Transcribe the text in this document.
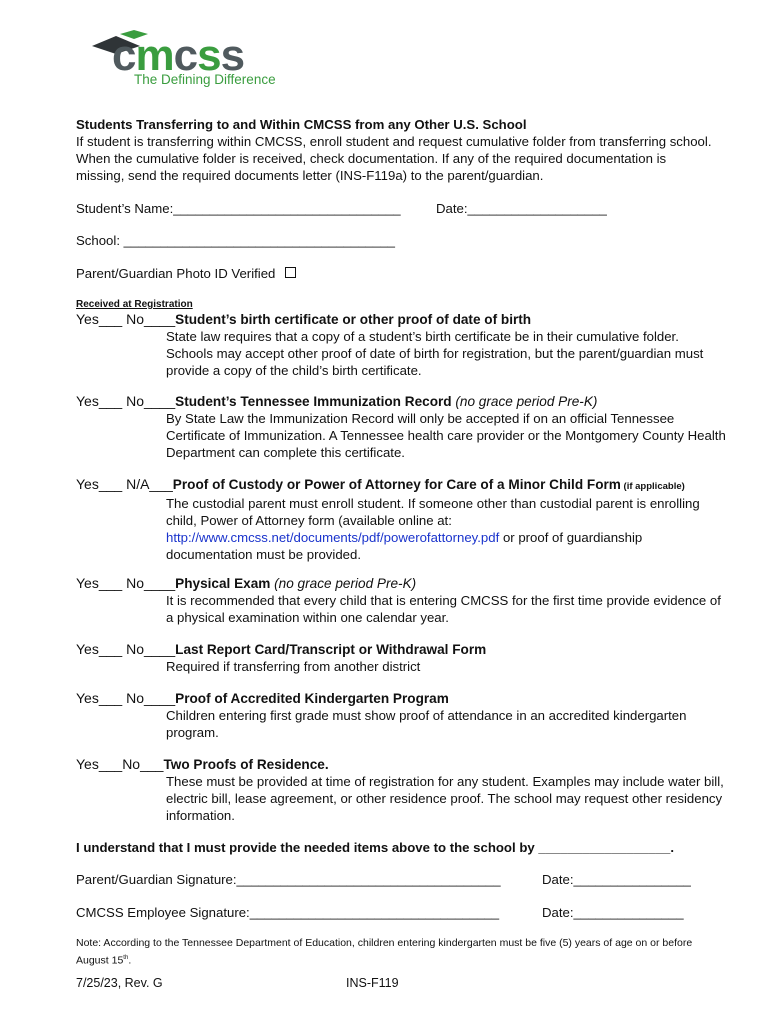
cmcss
The Defining Difference
Students Transferring to and Within CMCSS from any Other U.S. School
If student is transferring within CMCSS, enroll student and request cumulative folder from transferring school. When the cumulative folder is received, check documentation. If any of the required documentation is missing, send the required documents letter (INS-F119a) to the parent/guardian.
Student’s Name:_______________________________	Date:___________________
School: _____________________________________
Parent/Guardian Photo ID Verified
Received at Registration
Yes___ No____Student’s birth certificate or other proof of date of birth
State law requires that a copy of a student’s birth certificate be in their cumulative folder. Schools may accept other proof of date of birth for registration, but the parent/guardian must provide a copy of the child’s birth certificate.
Yes___ No____Student’s Tennessee Immunization Record (no grace period Pre-K)
By State Law the Immunization Record will only be accepted if on an official Tennessee Certificate of Immunization. A Tennessee health care provider or the Montgomery County Health Department can complete this certificate.
Yes___ N/A___Proof of Custody or Power of Attorney for Care of a Minor Child Form (if applicable)
The custodial parent must enroll student. If someone other than custodial parent is enrolling child, Power of Attorney form (available online at: http://www.cmcss.net/documents/pdf/powerofattorney.pdf or proof of guardianship documentation must be provided.
Yes___ No____Physical Exam (no grace period Pre-K)
It is recommended that every child that is entering CMCSS for the first time provide evidence of a physical examination within one calendar year.
Yes___ No____Last Report Card/Transcript or Withdrawal Form
Required if transferring from another district
Yes___ No____Proof of Accredited Kindergarten Program
Children entering first grade must show proof of attendance in an accredited kindergarten program.
Yes___No___Two Proofs of Residence.
These must be provided at time of registration for any student. Examples may include water bill, electric bill, lease agreement, or other residence proof. The school may request other residency information.
I understand that I must provide the needed items above to the school by __________________.
Parent/Guardian Signature:____________________________________	Date:________________
CMCSS Employee Signature:__________________________________	Date:_______________
Note: According to the Tennessee Department of Education, children entering kindergarten must be five (5) years of age on or before August 15th.
7/25/23, Rev. G	INS-F119
